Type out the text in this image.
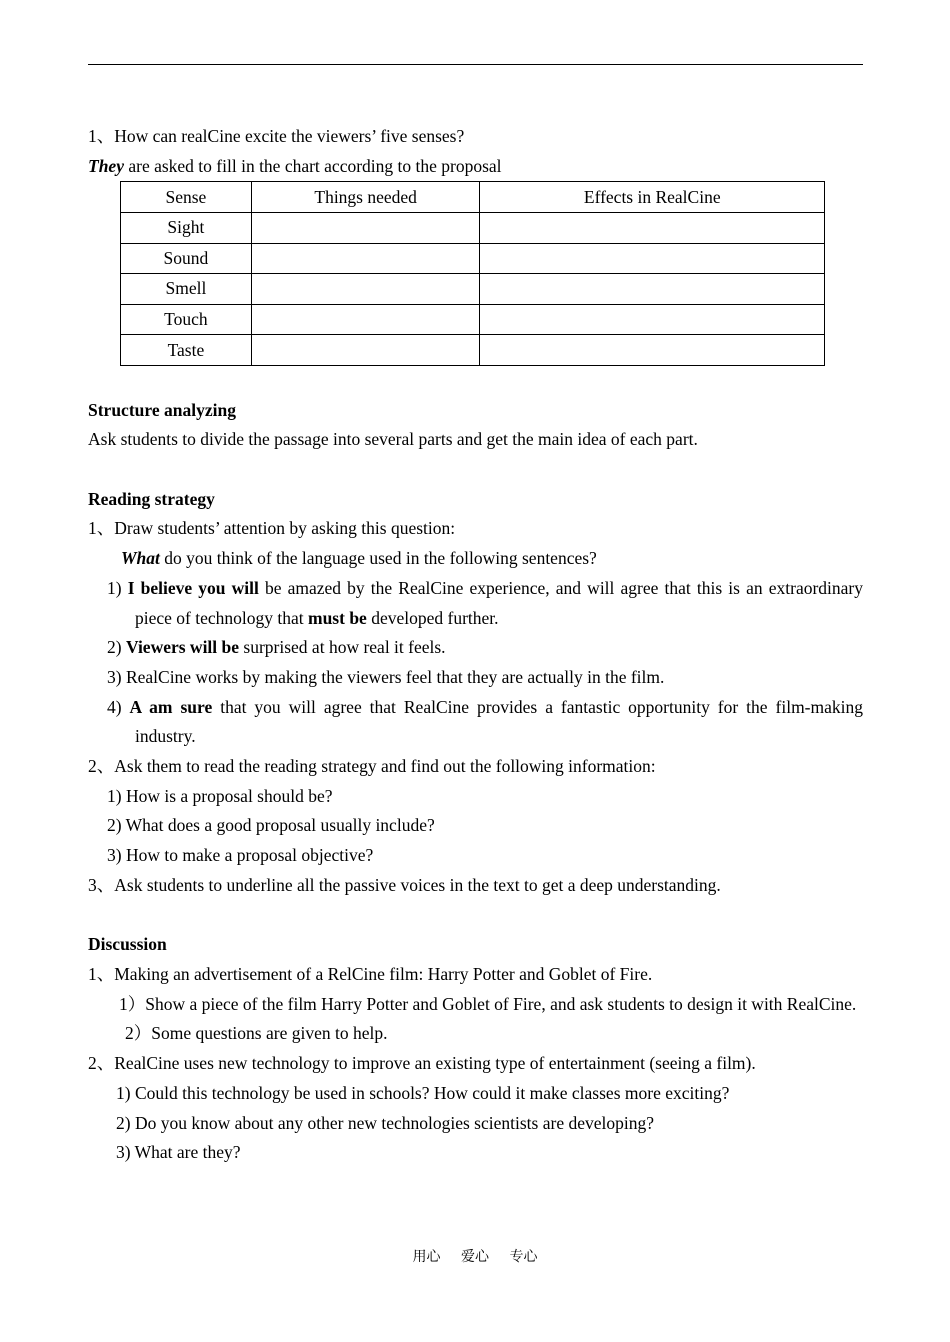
1、How can realCine excite the viewers’ five senses?
They are asked to fill in the chart according to the proposal
Sense	Things needed	Effects in RealCine
Sight		
Sound		
Smell		
Touch		
Taste		
Structure analyzing
Ask students to divide the passage into several parts and get the main idea of each part.
Reading strategy
1、Draw students’ attention by asking this question:
What do you think of the language used in the following sentences?
1) I believe you will be amazed by the RealCine experience, and will agree that this is an extraordinary piece of technology that must be developed further.
2) Viewers will be surprised at how real it feels.
3) RealCine works by making the viewers feel that they are actually in the film.
4) A am sure that you will agree that RealCine provides a fantastic opportunity for the film-making industry.
2、Ask them to read the reading strategy and find out the following information:
1) How is a proposal should be?
2) What does a good proposal usually include?
3) How to make a proposal objective?
3、Ask students to underline all the passive voices in the text to get a deep understanding.
Discussion
1、Making an advertisement of a RelCine film: Harry Potter and Goblet of Fire.
1）Show a piece of the film Harry Potter and Goblet of Fire, and ask students to design it with RealCine.
2）Some questions are given to help.
2、RealCine uses new technology to improve an existing type of entertainment (seeing a film).
1) Could this technology be used in schools? How could it make classes more exciting?
2) Do you know about any other new technologies scientists are developing?
3) What are they?
用心 爱心 专心
